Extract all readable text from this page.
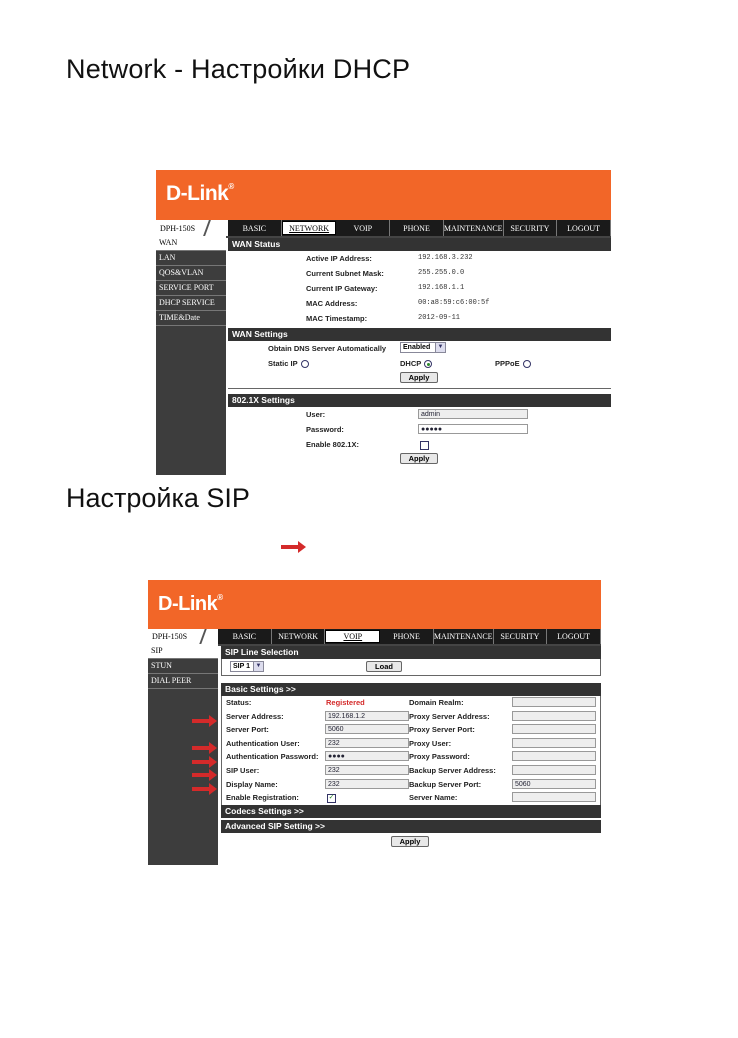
Network - Настройки DHCP
D-Link®
DPH-150S	BASIC	NETWORK	VOIP	PHONE	MAINTENANCE SECURITY	LOGOUT
WAN
LAN
QOS&VLAN
SERVICE PORT
DHCP SERVICE
TIME&Date
WAN Status
Active IP Address:	192.168.3.232
Current Subnet Mask:	255.255.0.0
Current IP Gateway:	192.168.1.1
MAC Address:	00:a8:59:c6:00:5f
MAC Timestamp:	2012-09-11
WAN Settings
Obtain DNS Server Automatically	Enabled	▼
Static IP	DHCP	PPPoE
Apply
802.1X Settings
User:	admin
Password:	●●●●●
Enable 802.1X:
Apply
Настройка SIP
D-Link®
DPH-150S	BASIC	NETWORK	VOIP	PHONE	MAINTENANCE SECURITY	LOGOUT
SIP
STUN
DIAL PEER
SIP Line Selection
SIP 1 ▼	Load
Basic Settings >>
Status:	Registered	Domain Realm:
Server Address:	192.168.1.2	Proxy Server Address:
Server Port:	5060	Proxy Server Port:
Authentication User:	232	Proxy User:
Authentication Password:	●●●●	Proxy Password:
SIP User:	232	Backup Server Address:
Display Name:	232	Backup Server Port:	5060
Enable Registration:	✓	Server Name:
Codecs Settings >>
Advanced SIP Setting >>
Apply
